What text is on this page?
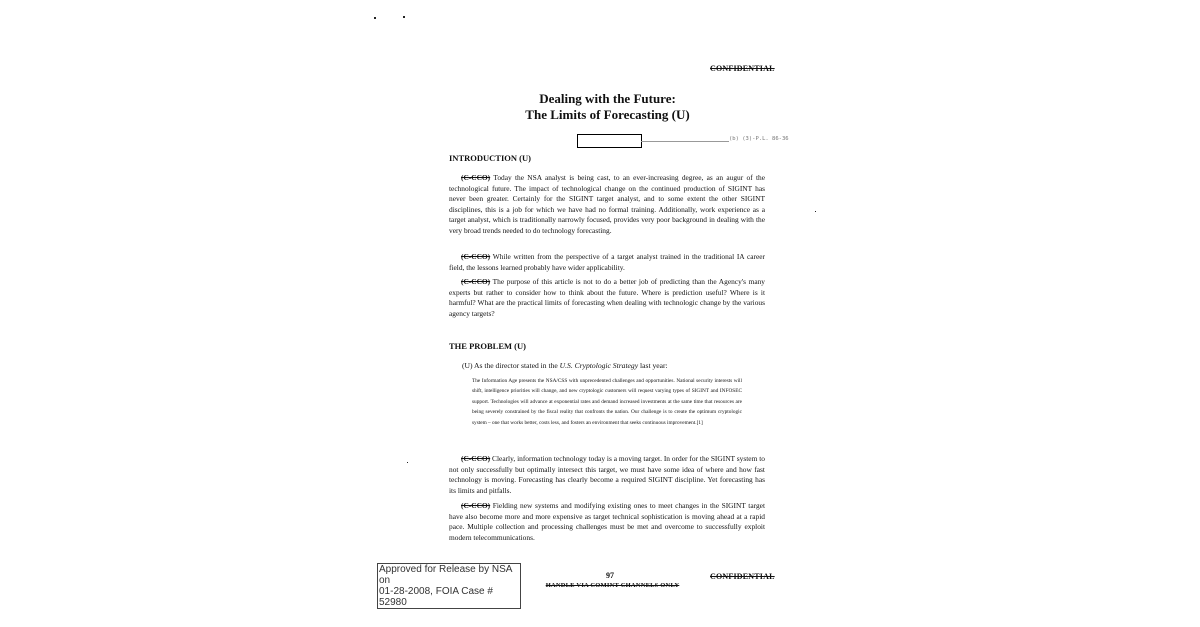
CONFIDENTIAL
Dealing with the Future:
The Limits of Forecasting (U)
(b) (3)-P.L. 86-36
INTRODUCTION (U)
(C-CCO) Today the NSA analyst is being cast, to an ever-increasing degree, as an augur of the technological future. The impact of technological change on the continued production of SIGINT has never been greater. Certainly for the SIGINT target analyst, and to some extent the other SIGINT disciplines, this is a job for which we have had no formal training. Additionally, work experience as a target analyst, which is traditionally narrowly focused, provides very poor background in dealing with the very broad trends needed to do technology forecasting.
(C-CCO) While written from the perspective of a target analyst trained in the traditional IA career field, the lessons learned probably have wider applicability.
(C-CCO) The purpose of this article is not to do a better job of predicting than the Agency's many experts but rather to consider how to think about the future. Where is prediction useful? Where is it harmful? What are the practical limits of forecasting when dealing with technologic change by the various agency targets?
THE PROBLEM (U)
(U) As the director stated in the U.S. Cryptologic Strategy last year:
The Information Age presents the NSA/CSS with unprecedented challenges and opportunities. National security interests will shift, intelligence priorities will change, and new cryptologic customers will request varying types of SIGINT and INFOSEC support. Technologies will advance at exponential rates and demand increased investments at the same time that resources are being severely constrained by the fiscal reality that confronts the nation. Our challenge is to create the optimum cryptologic system – one that works better, costs less, and fosters an environment that seeks continuous improvement.[1]
(C-CCO) Clearly, information technology today is a moving target. In order for the SIGINT system to not only successfully but optimally intersect this target, we must have some idea of where and how fast technology is moving. Forecasting has clearly become a required SIGINT discipline. Yet forecasting has its limits and pitfalls.
(C-CCO) Fielding new systems and modifying existing ones to meet changes in the SIGINT target have also become more and more expensive as target technical sophistication is moving ahead at a rapid pace. Multiple collection and processing challenges must be met and overcome to successfully exploit modern telecommunications.
Approved for Release by NSA on
01-28-2008, FOIA Case # 52980
97
HANDLE VIA COMINT CHANNELS ONLY
CONFIDENTIAL
